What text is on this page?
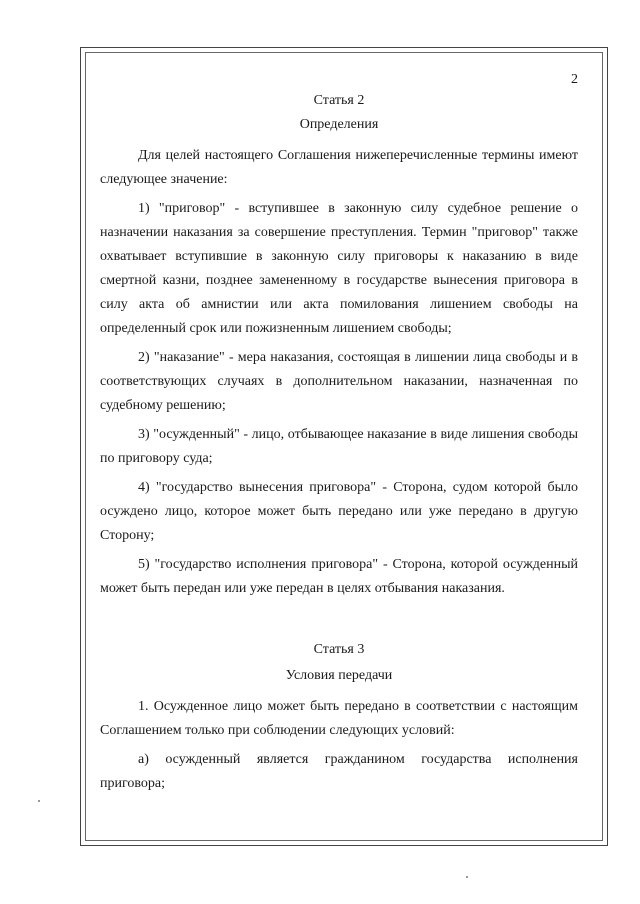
2

Статья 2

Определения

Для целей настоящего Соглашения нижеперечисленные термины имеют следующее значение:

1) "приговор" - вступившее в законную силу судебное решение о назначении наказания за совершение преступления. Термин "приговор" также охватывает вступившие в законную силу приговоры к наказанию в виде смертной казни, позднее замененному в государстве вынесения приговора в силу акта об амнистии или акта помилования лишением свободы на определенный срок или пожизненным лишением свободы;

2) "наказание" - мера наказания, состоящая в лишении лица свободы и в соответствующих случаях в дополнительном наказании, назначенная по судебному решению;

3) "осужденный" - лицо, отбывающее наказание в виде лишения свободы по приговору суда;

4) "государство вынесения приговора" - Сторона, судом которой было осуждено лицо, которое может быть передано или уже передано в другую Сторону;

5) "государство исполнения приговора" - Сторона, которой осужденный может быть передан или уже передан в целях отбывания наказания.

Статья 3

Условия передачи

1. Осужденное лицо может быть передано в соответствии с настоящим Соглашением только при соблюдении следующих условий:

а) осужденный является гражданином государства исполнения приговора;
